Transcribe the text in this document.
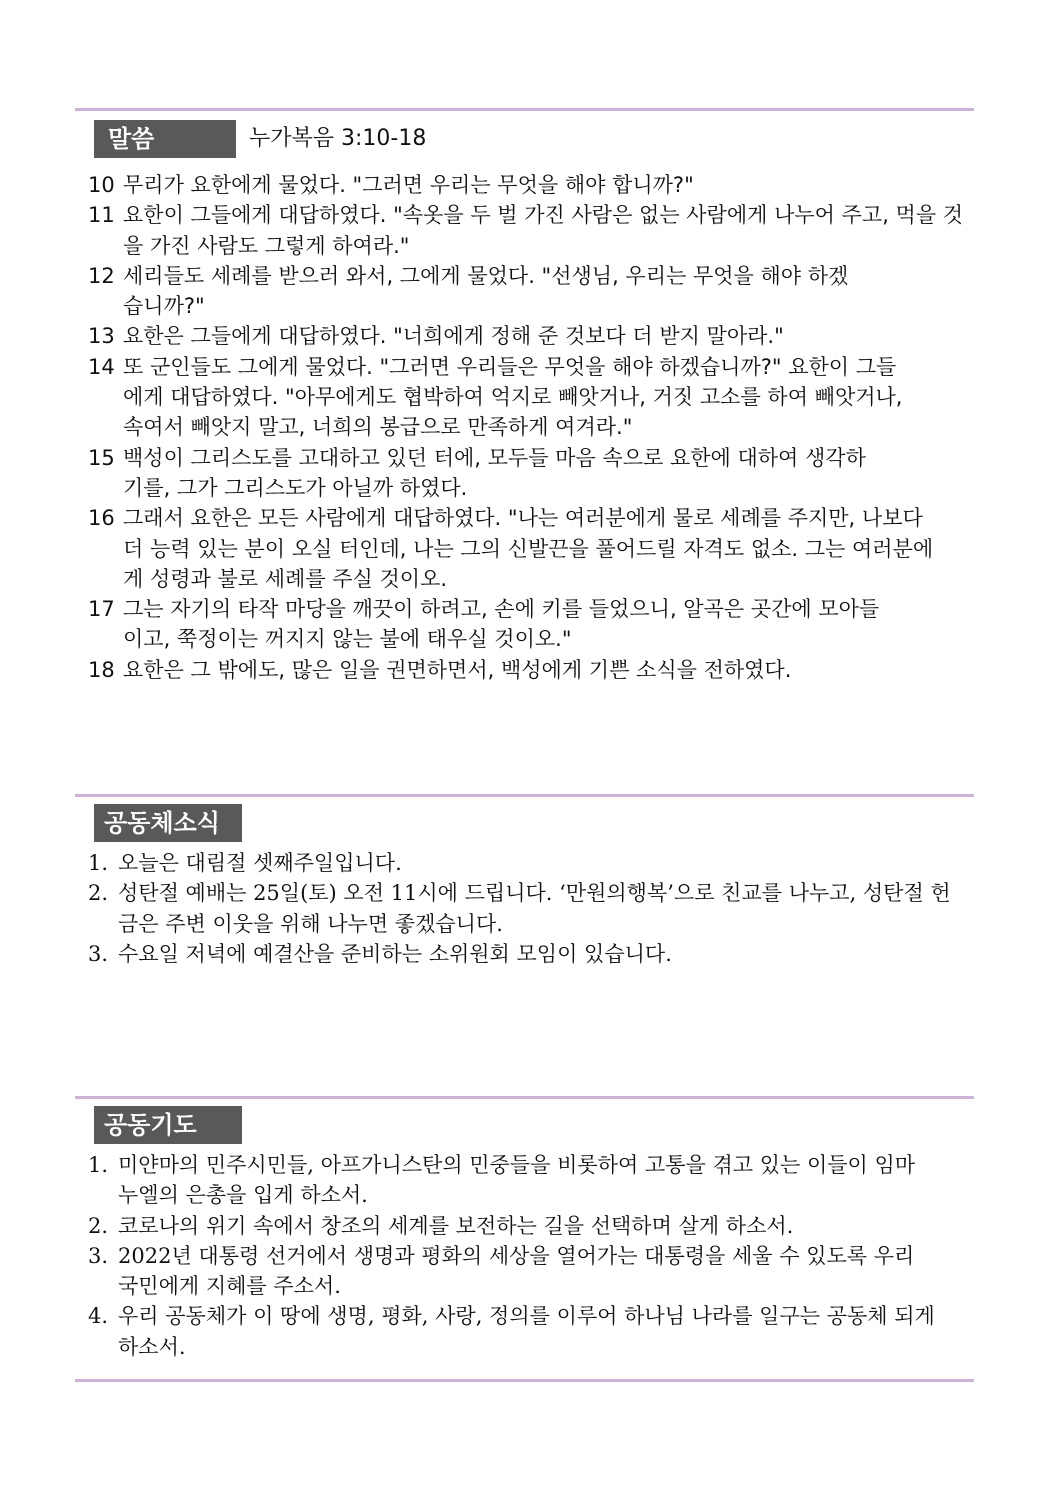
말씀	누가복음 3:10-18
10 무리가 요한에게 물었다. "그러면 우리는 무엇을 해야 합니까?"
11 요한이 그들에게 대답하였다. "속옷을 두 벌 가진 사람은 없는 사람에게 나누어 주고, 먹을 것을 가진 사람도 그렇게 하여라."
12 세리들도 세례를 받으러 와서, 그에게 물었다. "선생님, 우리는 무엇을 해야 하겠습니까?"
13 요한은 그들에게 대답하였다. "너희에게 정해 준 것보다 더 받지 말아라."
14 또 군인들도 그에게 물었다. "그러면 우리들은 무엇을 해야 하겠습니까?" 요한이 그들에게 대답하였다. "아무에게도 협박하여 억지로 빼앗거나, 거짓 고소를 하여 빼앗거나, 속여서 빼앗지 말고, 너희의 봉급으로 만족하게 여겨라."
15 백성이 그리스도를 고대하고 있던 터에, 모두들 마음 속으로 요한에 대하여 생각하기를, 그가 그리스도가 아닐까 하였다.
16 그래서 요한은 모든 사람에게 대답하였다. "나는 여러분에게 물로 세례를 주지만, 나보다 더 능력 있는 분이 오실 터인데, 나는 그의 신발끈을 풀어드릴 자격도 없소. 그는 여러분에게 성령과 불로 세례를 주실 것이오.
17 그는 자기의 타작 마당을 깨끗이 하려고, 손에 키를 들었으니, 알곡은 곳간에 모아들이고, 쭉정이는 꺼지지 않는 불에 태우실 것이오."
18 요한은 그 밖에도, 많은 일을 권면하면서, 백성에게 기쁜 소식을 전하였다.
공동체소식
1. 오늘은 대림절 셋째주일입니다.
2. 성탄절 예배는 25일(토) 오전 11시에 드립니다. ‘만원의행복’으로 친교를 나누고, 성탄절 헌금은 주변 이웃을 위해 나누면 좋겠습니다.
3. 수요일 저녁에 예결산을 준비하는 소위원회 모임이 있습니다.
공동기도
1. 미얀마의 민주시민들, 아프가니스탄의 민중들을 비롯하여 고통을 겪고 있는 이들이 임마누엘의 은총을 입게 하소서.
2. 코로나의 위기 속에서 창조의 세계를 보전하는 길을 선택하며 살게 하소서.
3. 2022년 대통령 선거에서 생명과 평화의 세상을 열어가는 대통령을 세울 수 있도록 우리 국민에게 지혜를 주소서.
4. 우리 공동체가 이 땅에 생명, 평화, 사랑, 정의를 이루어 하나님 나라를 일구는 공동체 되게 하소서.
